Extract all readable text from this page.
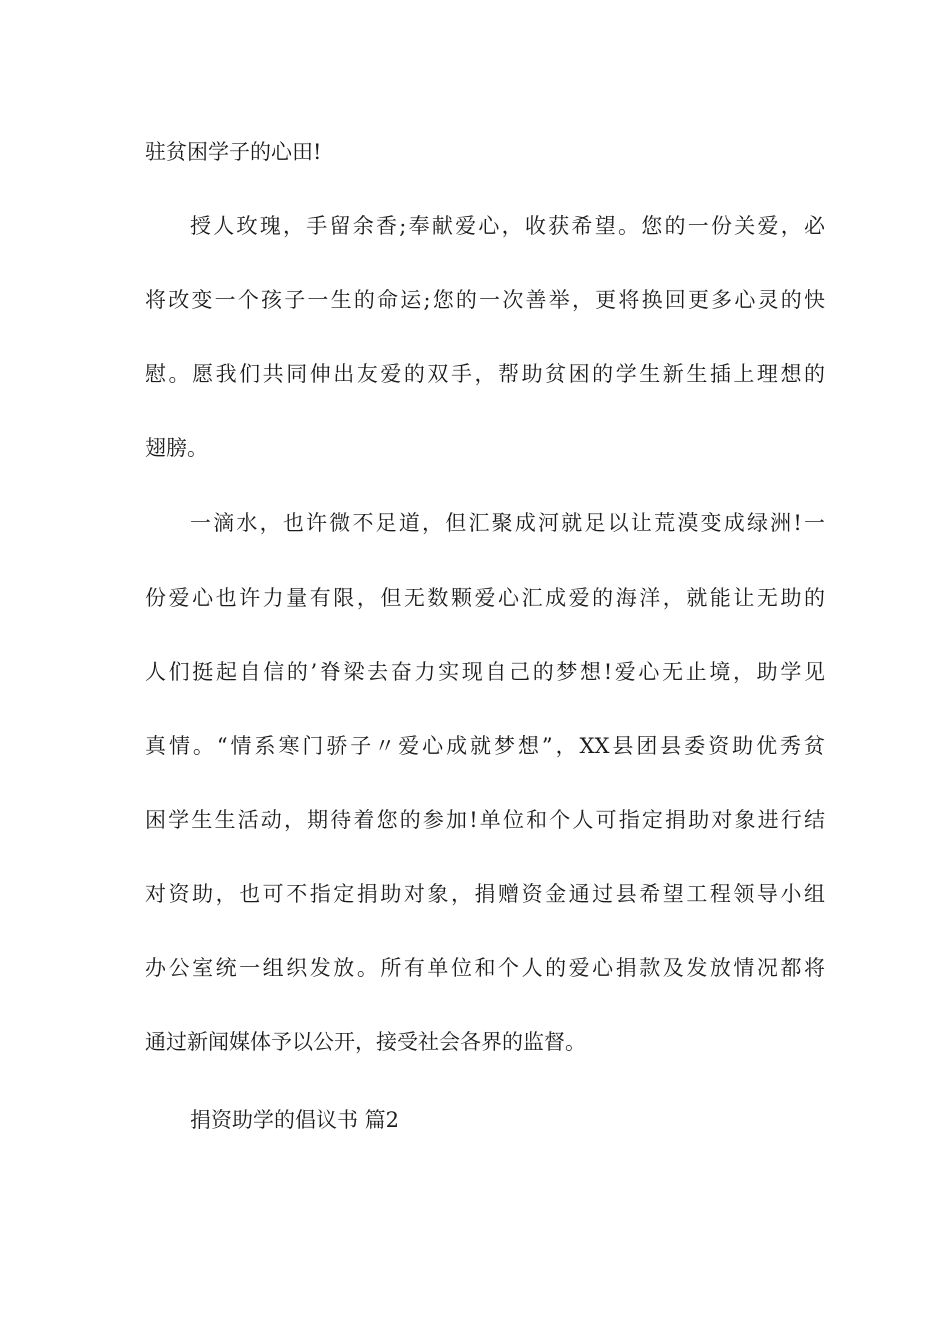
驻贫困学子的心田!
授人玫瑰，手留余香;奉献爱心，收获希望。您的一份关爱，必
将改变一个孩子一生的命运;您的一次善举，更将换回更多心灵的快
慰。愿我们共同伸出友爱的双手，帮助贫困的学生新生插上理想的
翅膀。
一滴水，也许微不足道，但汇聚成河就足以让荒漠变成绿洲!一
份爱心也许力量有限，但无数颗爱心汇成爱的海洋，就能让无助的
人们挺起自信的’脊梁去奋力实现自己的梦想!爱心无止境，助学见
真情。“情系寒门骄子〃爱心成就梦想”，XX县团县委资助优秀贫
困学生生活动，期待着您的参加!单位和个人可指定捐助对象进行结
对资助，也可不指定捐助对象，捐赠资金通过县希望工程领导小组
办公室统一组织发放。所有单位和个人的爱心捐款及发放情况都将
通过新闻媒体予以公开，接受社会各界的监督。
捐资助学的倡议书 篇2
